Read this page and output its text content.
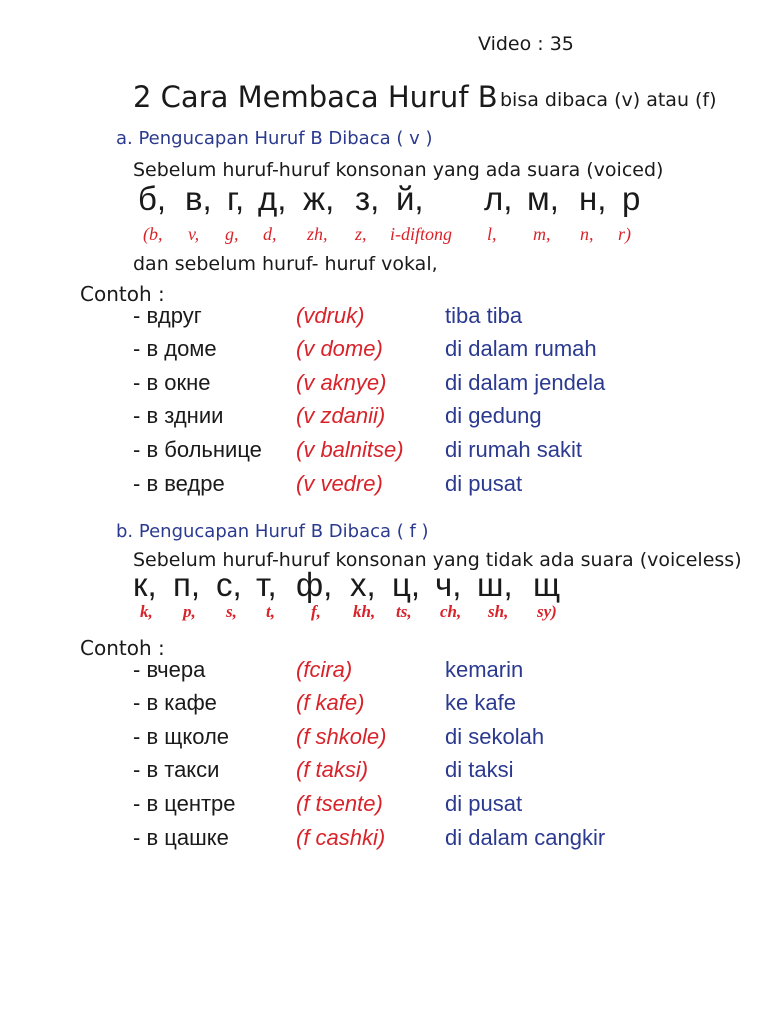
Video : 35
2 Cara Membaca Huruf В bisa dibaca (v) atau (f)
a. Pengucapan Huruf В Dibaca ( v )
Sebelum huruf-huruf konsonan yang ada suara (voiced)
б, в, г, д, ж, з, й, л, м, н, р
(b, v, g, d, zh, z, i-diftong l, m, n, r)
dan sebelum huruf- huruf vokal,
Contoh :
- вдруг	(vdruk)	tiba tiba
- в доме	(v dome)	di dalam rumah
- в окне	(v aknye)	di dalam jendela
- в зднии	(v zdanii)	di gedung
- в больнице (v balnitse) di rumah sakit
- в ведре	(v vedre)	di pusat
b. Pengucapan Huruf В Dibaca ( f )
Sebelum huruf-huruf konsonan yang tidak ada suara (voiceless)
к, п, с, т, ф, х, ц, ч, ш, щ
k, p, s, t, f, kh, ts, ch, sh, sy)
Contoh :
- вчера	(fcira)	kemarin
- в кафе	(f kafe)	ke kafe
- в щколе	(f shkole)	di sekolah
- в такси	(f taksi)	di taksi
- в центре	(f tsente)	di pusat
- в цашке	(f cashki)	di dalam cangkir
